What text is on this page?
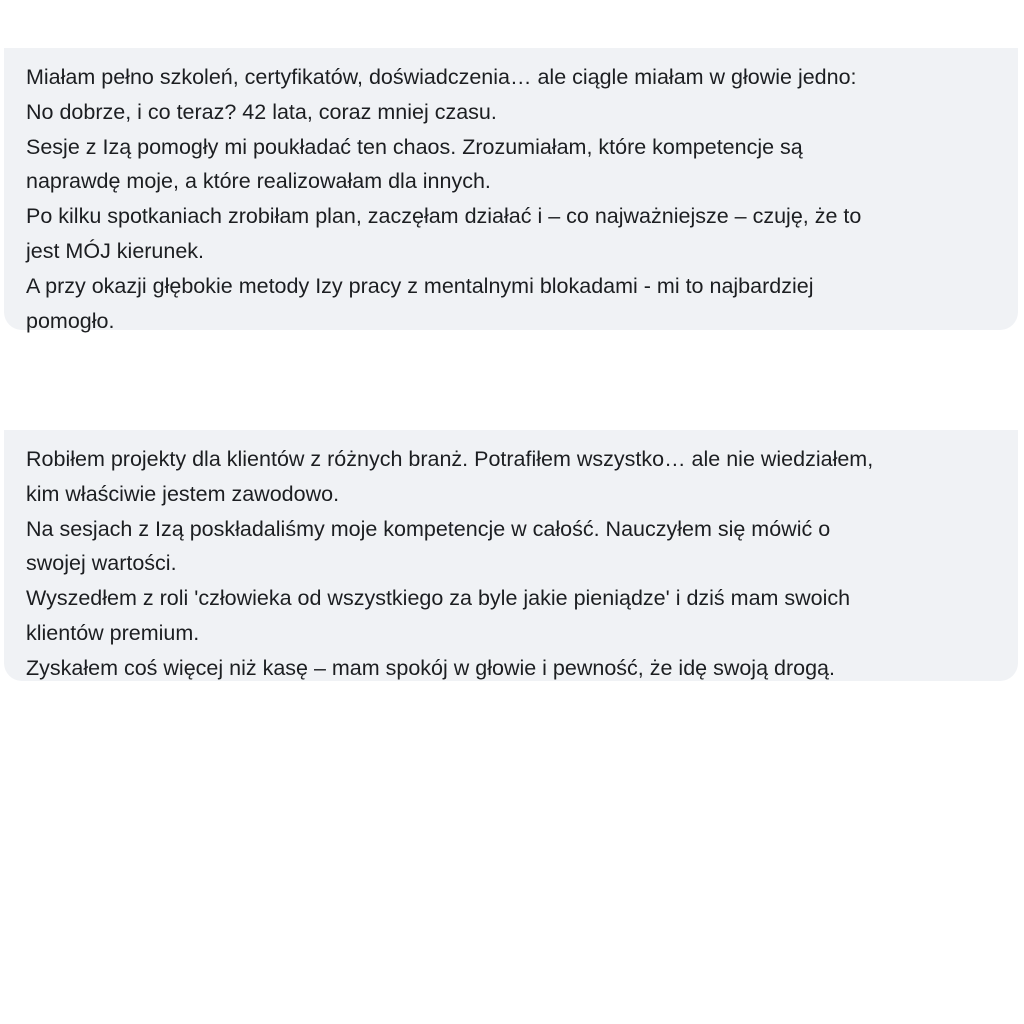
Miałam pełno szkoleń, certyfikatów, doświadczenia… ale ciągle miałam w głowie jedno:
No dobrze, i co teraz? 42 lata, coraz mniej czasu.
Sesje z Izą pomogły mi poukładać ten chaos. Zrozumiałam, które kompetencje są
naprawdę moje, a które realizowałam dla innych.
Po kilku spotkaniach zrobiłam plan, zaczęłam działać i – co najważniejsze – czuję, że to
jest MÓJ kierunek.
A przy okazji głębokie metody Izy pracy z mentalnymi blokadami - mi to najbardziej
pomogło.
Robiłem projekty dla klientów z różnych branż. Potrafiłem wszystko… ale nie wiedziałem,
kim właściwie jestem zawodowo.
Na sesjach z Izą poskładaliśmy moje kompetencje w całość. Nauczyłem się mówić o
swojej wartości.
Wyszedłem z roli 'człowieka od wszystkiego za byle jakie pieniądze' i dziś mam swoich
klientów premium.
Zyskałem coś więcej niż kasę – mam spokój w głowie i pewność, że idę swoją drogą.
